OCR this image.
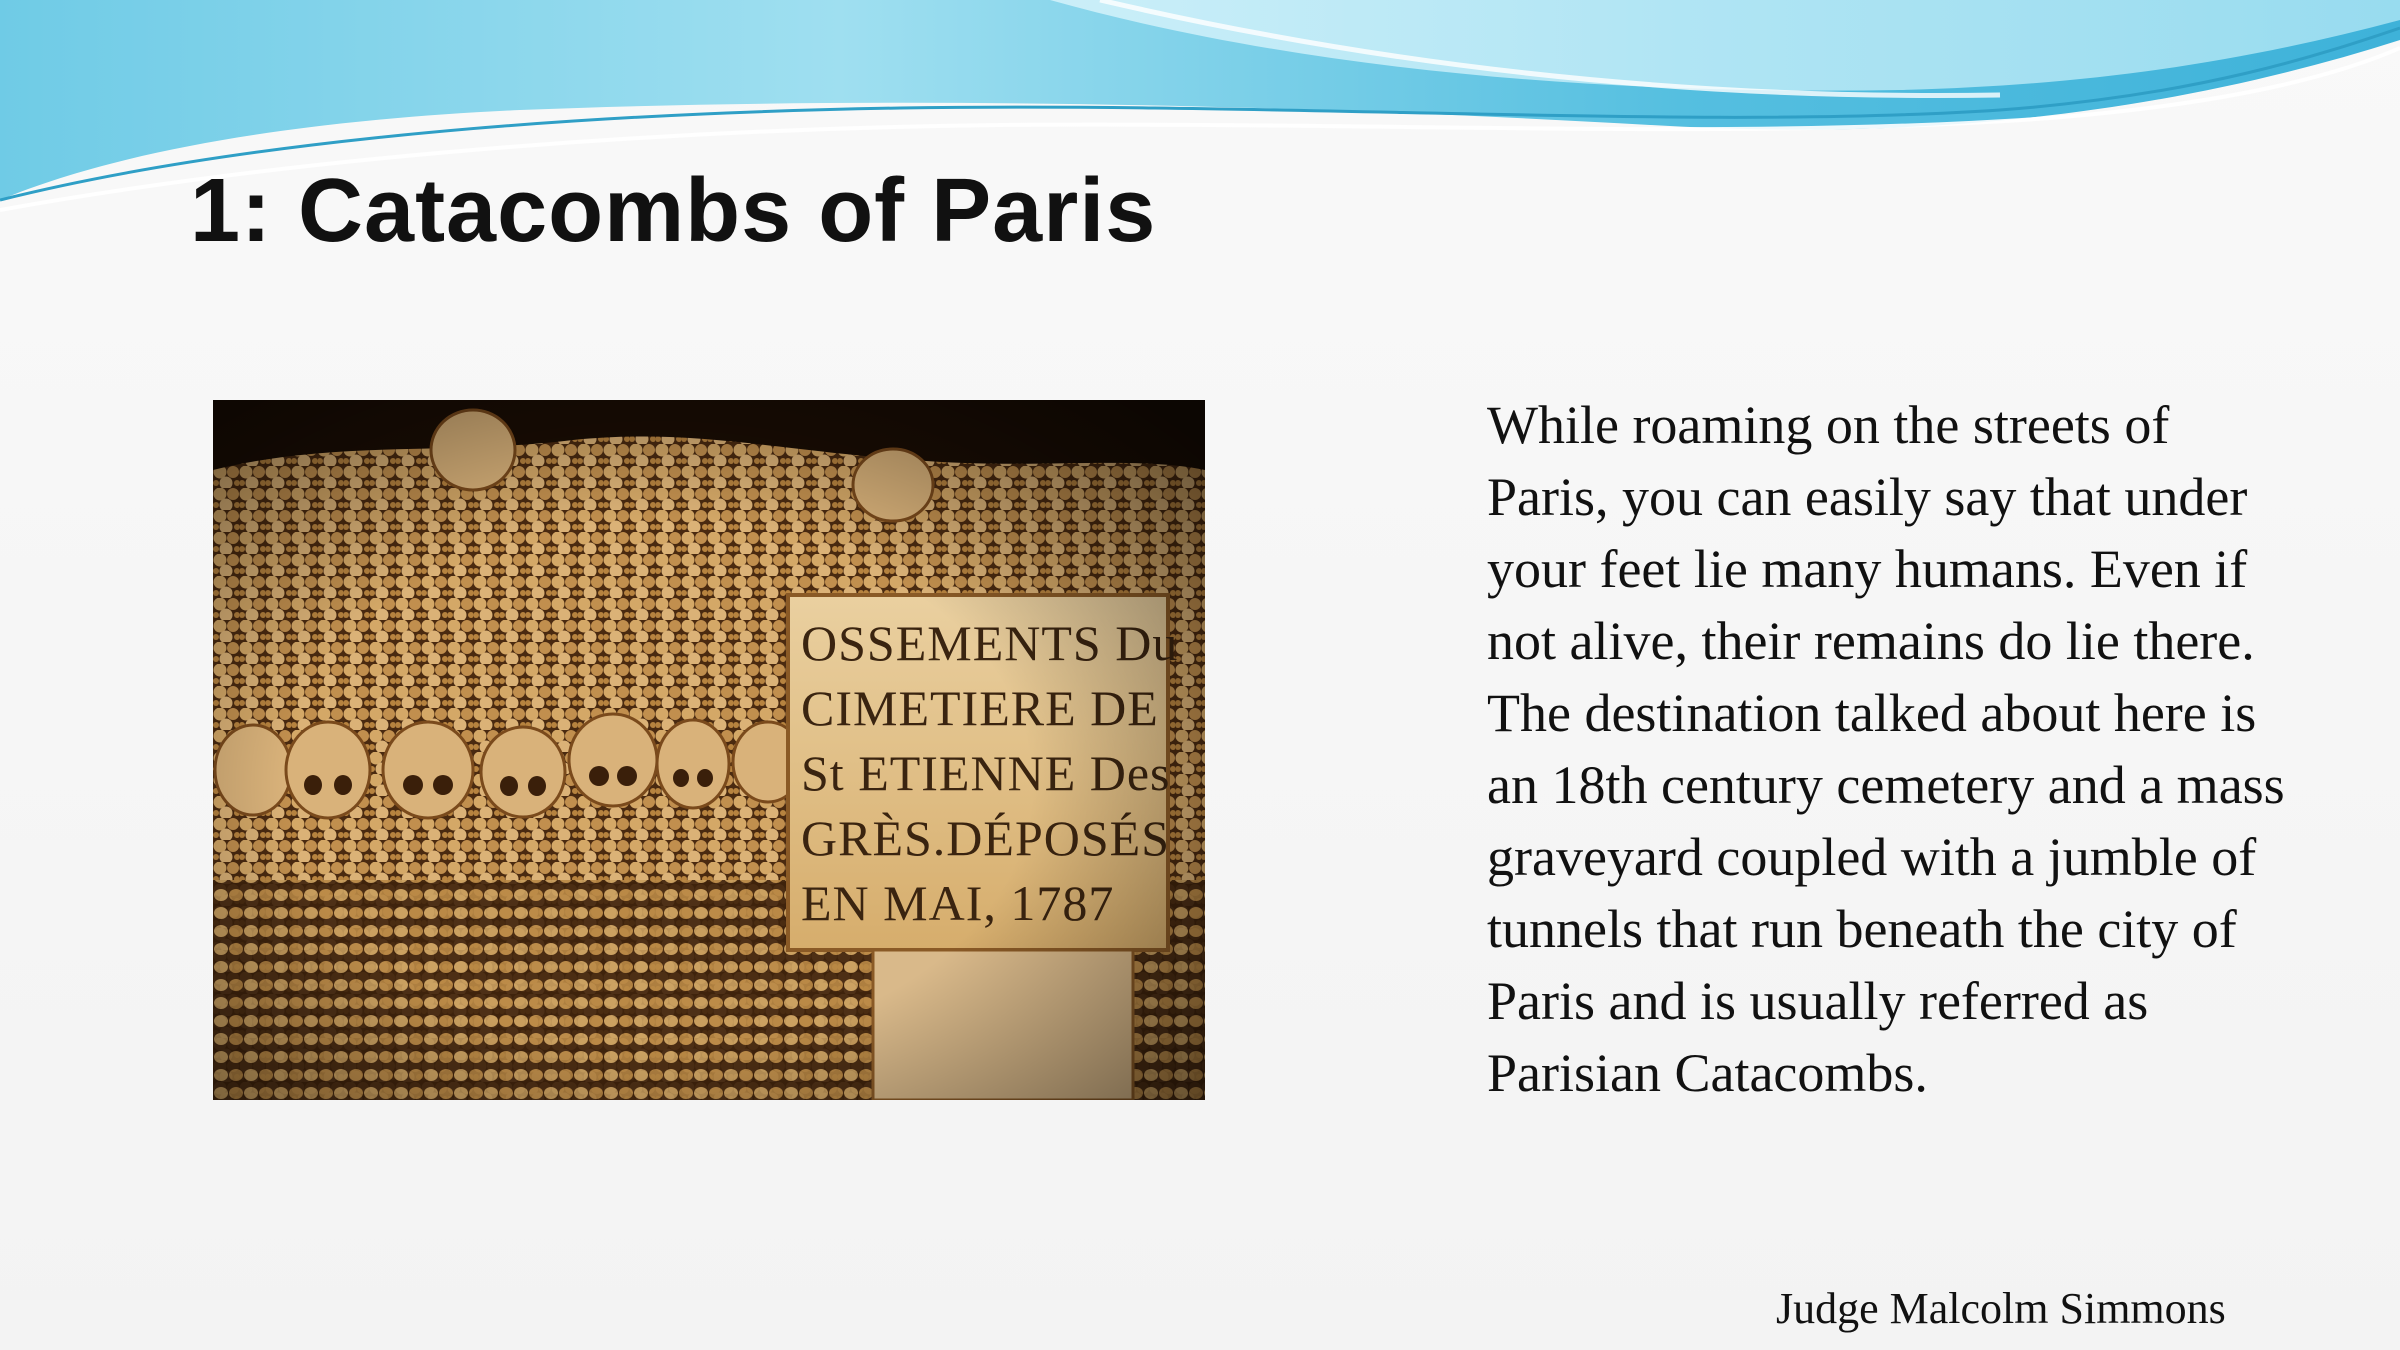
1: Catacombs of Paris

While roaming on the streets of
Paris, you can easily say that under
your feet lie many humans. Even if
not alive, their remains do lie there.
The destination talked about here is
an 18th century cemetery and a mass
graveyard coupled with a jumble of
tunnels that run beneath the city of
Paris and is usually referred as
Parisian Catacombs.

Judge Malcolm Simmons
